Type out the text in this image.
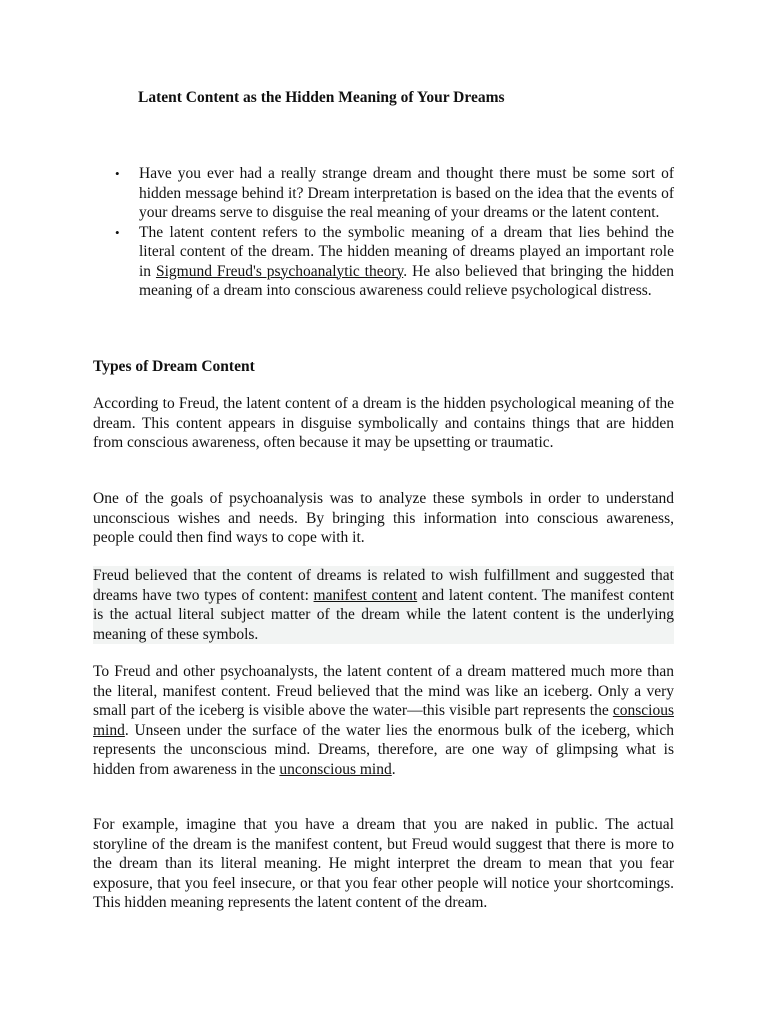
Latent Content as the Hidden Meaning of Your Dreams
• Have you ever had a really strange dream and thought there must be some sort of hidden message behind it? Dream interpretation is based on the idea that the events of your dreams serve to disguise the real meaning of your dreams or the latent content.
• The latent content refers to the symbolic meaning of a dream that lies behind the literal content of the dream. The hidden meaning of dreams played an important role in Sigmund Freud's psychoanalytic theory. He also believed that bringing the hidden meaning of a dream into conscious awareness could relieve psychological distress.
Types of Dream Content

According to Freud, the latent content of a dream is the hidden psychological meaning of the dream. This content appears in disguise symbolically and contains things that are hidden from conscious awareness, often because it may be upsetting or traumatic.

One of the goals of psychoanalysis was to analyze these symbols in order to understand unconscious wishes and needs. By bringing this information into conscious awareness, people could then find ways to cope with it.

Freud believed that the content of dreams is related to wish fulfillment and suggested that dreams have two types of content: manifest content and latent content. The manifest content is the actual literal subject matter of the dream while the latent content is the underlying meaning of these symbols.

To Freud and other psychoanalysts, the latent content of a dream mattered much more than the literal, manifest content. Freud believed that the mind was like an iceberg. Only a very small part of the iceberg is visible above the water—this visible part represents the conscious mind. Unseen under the surface of the water lies the enormous bulk of the iceberg, which represents the unconscious mind. Dreams, therefore, are one way of glimpsing what is hidden from awareness in the unconscious mind.

For example, imagine that you have a dream that you are naked in public. The actual storyline of the dream is the manifest content, but Freud would suggest that there is more to the dream than its literal meaning. He might interpret the dream to mean that you fear exposure, that you feel insecure, or that you fear other people will notice your shortcomings. This hidden meaning represents the latent content of the dream.
